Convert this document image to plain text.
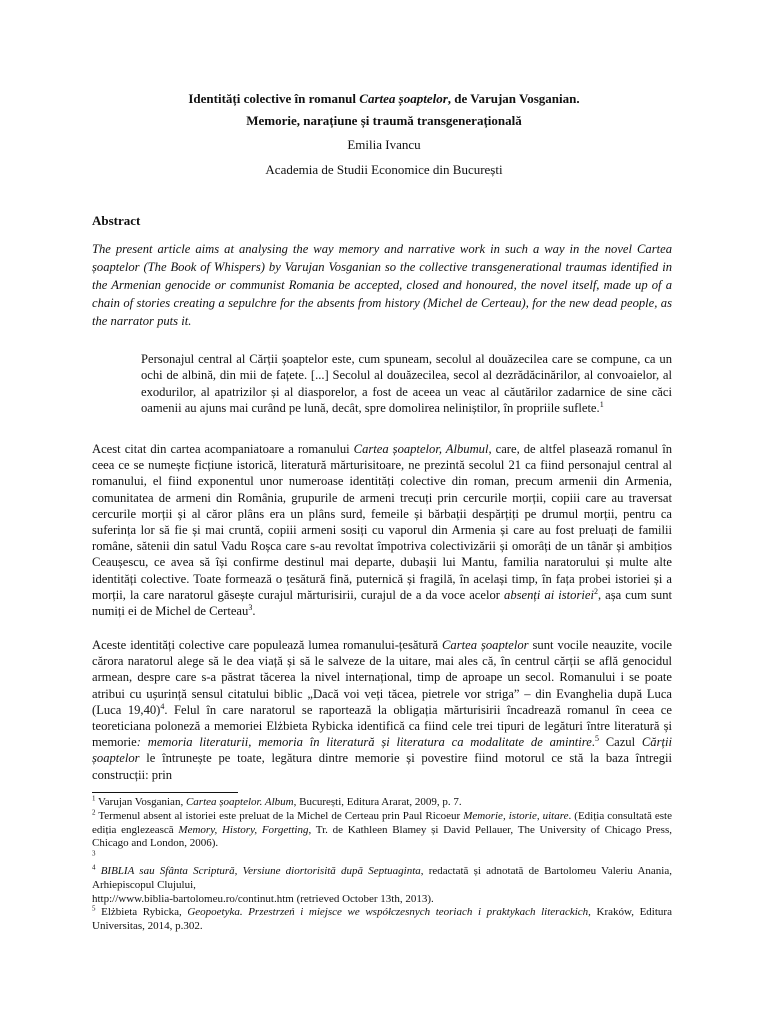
Identități colective în romanul Cartea șoaptelor, de Varujan Vosganian.
Memorie, narațiune și traumă transgenerațională
Emilia Ivancu
Academia de Studii Economice din București
Abstract
The present article aims at analysing the way memory and narrative work in such a way in the novel Cartea șoaptelor (The Book of Whispers) by Varujan Vosganian so the collective transgenerational traumas identified in the Armenian genocide or communist Romania be accepted, closed and honoured, the novel itself, made up of a chain of stories creating a sepulchre for the absents from history (Michel de Certeau), for the new dead people, as the narrator puts it.
Personajul central al Cărții șoaptelor este, cum spuneam, secolul al douăzecilea care se compune, ca un ochi de albină, din mii de fațete. [...] Secolul al douăzecilea, secol al dezrădăcinărilor, al convoaielor, al exodurilor, al apatrizilor și al diasporelor, a fost de aceea un veac al căutărilor zadarnice de sine căci oamenii au ajuns mai curând pe lună, decât, spre domolirea neliniștilor, în propriile suflete.$^1$
Acest citat din cartea acompaniatoare a romanului Cartea șoaptelor, Albumul, care, de altfel plasează romanul în ceea ce se numește ficțiune istorică, literatură mărturisitoare, ne prezintă secolul 21 ca fiind personajul central al romanului, el fiind exponentul unor numeroase identități colective din roman, precum armenii din Armenia, comunitatea de armeni din România, grupurile de armeni trecuți prin cercurile morții, copiii care au traversat cercurile morții și al căror plâns era un plâns surd, femeile și bărbații despărțiți pe drumul morții, pentru ca suferința lor să fie și mai cruntă, copiii armeni sosiți cu vaporul din Armenia și care au fost preluați de familii române, sătenii din satul Vadu Roșca care s-au revoltat împotriva colectivizării și omorâți de un tânăr și ambițios Ceaușescu, ce avea să își confirme destinul mai departe, dubașii lui Mantu, familia naratorului și multe alte identități colective. Toate formează o țesătură fină, puternică și fragilă, în același timp, în fața probei istoriei și a morții, la care naratorul găsește curajul mărturisirii, curajul de a da voce acelor absenți ai istoriei$^2$, așa cum sunt numiți ei de Michel de Certeau$^3$.
Aceste identități colective care populează lumea romanului-țesătură Cartea șoaptelor sunt vocile neauzite, vocile cărora naratorul alege să le dea viață și să le salveze de la uitare, mai ales că, în centrul cărții se află genocidul armean, despre care s-a păstrat tăcerea la nivel internațional, timp de aproape un secol. Romanului i se poate atribui cu ușurință sensul citatului biblic „Dacă voi veți tăcea, pietrele vor striga” – din Evanghelia după Luca (Luca 19,40)$^4$. Felul în care naratorul se raportează la obligația mărturisirii încadrează romanul în ceea ce teoreticiana poloneză a memoriei Elżbieta Rybicka identifică ca fiind cele trei tipuri de legături între literatură și memorie: memoria literaturii, memoria în literatură și literatura ca modalitate de amintire.$^5$ Cazul Cărții șoaptelor le întrunește pe toate, legătura dintre memorie și povestire fiind motorul ce stă la baza întregii construcții: prin

$^1$ Varujan Vosganian, Cartea șoaptelor. Album, București, Editura Ararat, 2009, p. 7.

$^2$ Termenul absent al istoriei este preluat de la Michel de Certeau prin Paul Ricoeur Memorie, istorie, uitare. (Ediția consultată este ediția englezească Memory, History, Forgetting, Tr. de Kathleen Blamey și David Pellauer, The University of Chicago Press, Chicago and London, 2006).

$^3$

$^4$ BIBLIA sau Sfânta Scriptură, Versiune diortorisită după Septuaginta, redactată și adnotată de Bartolomeu Valeriu Anania, Arhiepiscopul Clujului,
http://www.biblia-bartolomeu.ro/continut.htm (retrieved October 13th, 2013).

$^5$ Elżbieta Rybicka, Geopoetyka. Przestrzeń i miejsce we współczesnych teoriach i praktykach literackich, Kraków, Editura Universitas, 2014, p.302.
